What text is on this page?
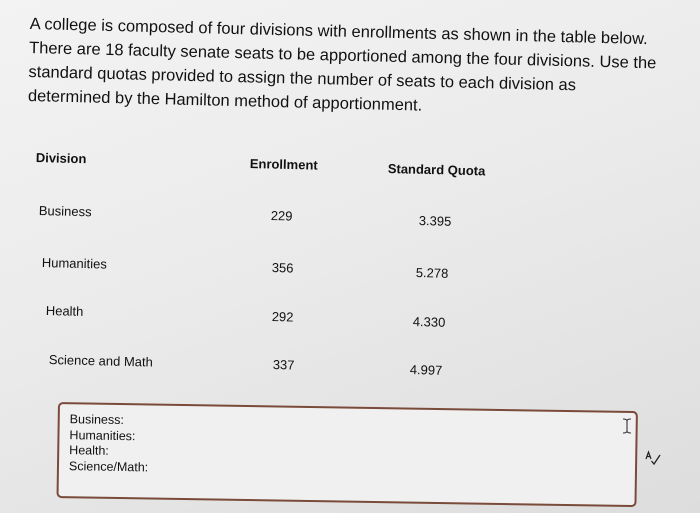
A college is composed of four divisions with enrollments as shown in the table below.
There are 18 faculty senate seats to be apportioned among the four divisions. Use the
standard quotas provided to assign the number of seats to each division as
determined by the Hamilton method of apportionment.
Division	Enrollment	Standard Quota
Business	229	3.395
Humanities	356	5.278
Health	292	4.330
Science and Math	337	4.997
Business:
Humanities:
Health:
Science/Math:
